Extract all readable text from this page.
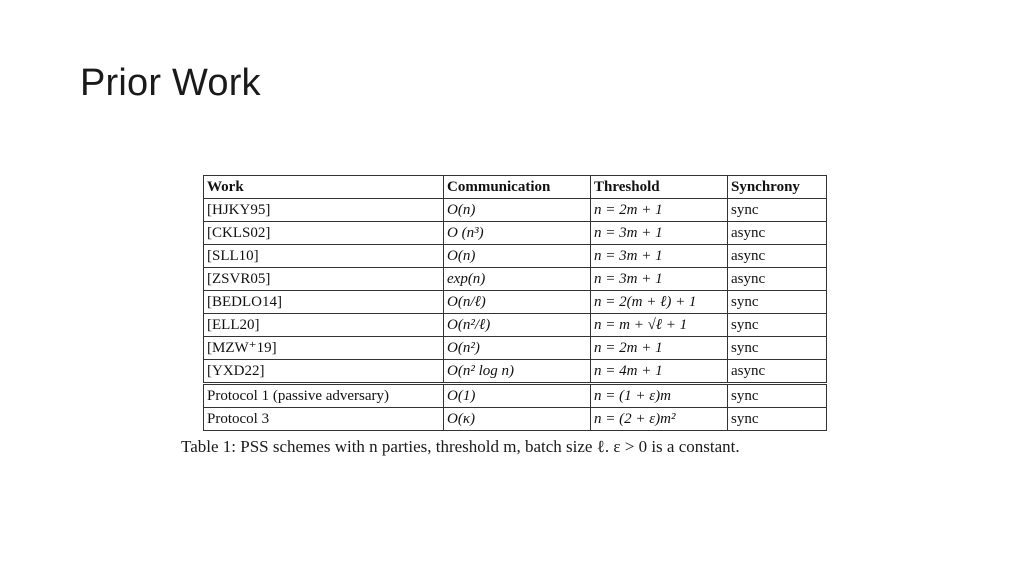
Prior Work
Work	Communication	Threshold	Synchrony
[HJKY95]	O(n)	n = 2m + 1	sync
[CKLS02]	O (n³)	n = 3m + 1	async
[SLL10]	O(n)	n = 3m + 1	async
[ZSVR05]	exp(n)	n = 3m + 1	async
[BEDLO14]	O(n/ℓ)	n = 2(m + ℓ) + 1	sync
[ELL20]	O(n²/ℓ)	n = m + √ℓ + 1	sync
[MZW⁺19]	O(n²)	n = 2m + 1	sync
[YXD22]	O(n² log n)	n = 4m + 1	async
Protocol 1 (passive adversary)	O(1)	n = (1 + ε)m	sync
Protocol 3	O(κ)	n = (2 + ε)m²	sync
Table 1: PSS schemes with n parties, threshold m, batch size ℓ. ε > 0 is a constant.
